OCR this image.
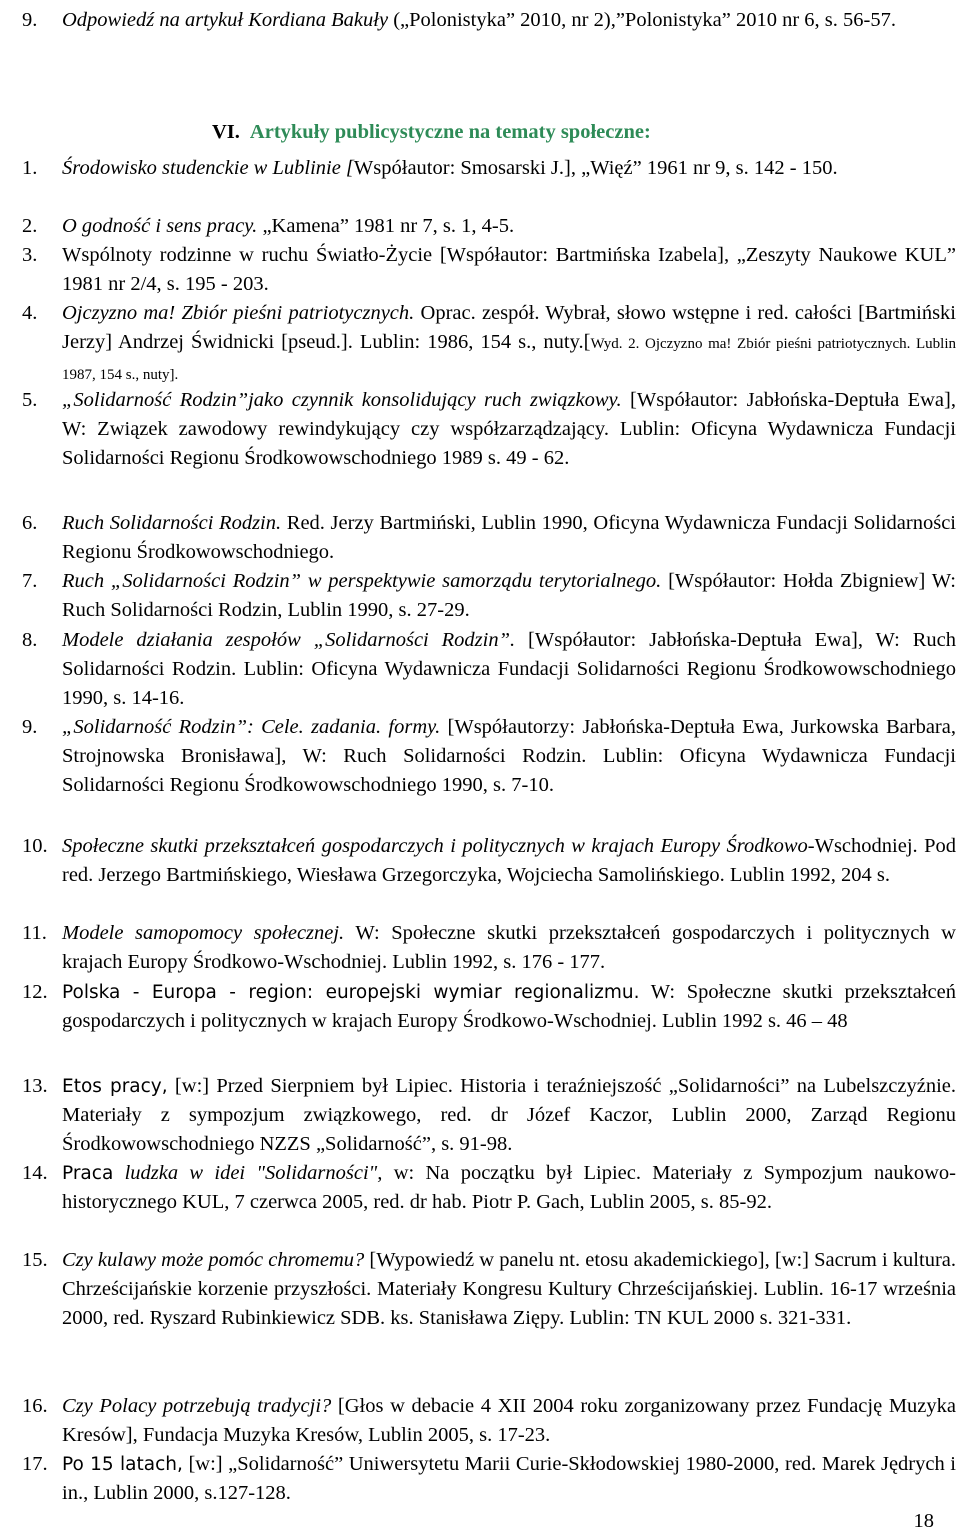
VI. Artykuły publicystyczne na tematy społeczne:
9.	Odpowiedź na artykuł Kordiana Bakuły („Polonistyka” 2010, nr 2),”Polonistyka” 2010 nr 6, s. 56-57.
1.	Środowisko studenckie w Lublinie [Współautor: Smosarski J.], „Więź” 1961 nr 9, s. 142 - 150.
2.	O godność i sens pracy. „Kamena” 1981 nr 7, s. 1, 4-5.
3.	Wspólnoty rodzinne w ruchu Światło-Życie [Współautor: Bartmińska Izabela], „Zeszyty Naukowe KUL” 1981 nr 2/4, s. 195 - 203.
4.	Ojczyzno ma! Zbiór pieśni patriotycznych. Oprac. zespół. Wybrał, słowo wstępne i red. całości [Bartmiński Jerzy] Andrzej Świdnicki [pseud.]. Lublin: 1986, 154 s., nuty.[Wyd. 2. Ojczyzno ma! Zbiór pieśni patriotycznych. Lublin 1987, 154 s., nuty].
5.	„Solidarność Rodzin”jako czynnik konsolidujący ruch związkowy. [Współautor: Jabłońska-Deptuła Ewa], W: Związek zawodowy rewindykujący czy współzarządzający. Lublin: Oficyna Wydawnicza Fundacji Solidarności Regionu Środkowowschodniego 1989 s. 49 - 62.
6.	Ruch Solidarności Rodzin. Red. Jerzy Bartmiński, Lublin 1990, Oficyna Wydawnicza Fundacji Solidarności Regionu Środkowowschodniego.
7.	Ruch „Solidarności Rodzin” w perspektywie samorządu terytorialnego. [Współautor: Hołda Zbigniew] W: Ruch Solidarności Rodzin, Lublin 1990, s. 27-29.
8.	Modele działania zespołów „Solidarności Rodzin”. [Współautor: Jabłońska-Deptuła Ewa], W: Ruch Solidarności Rodzin. Lublin: Oficyna Wydawnicza Fundacji Solidarności Regionu Środkowowschodniego 1990, s. 14-16.
9.	„Solidarność Rodzin”: Cele. zadania. formy. [Współautorzy: Jabłońska-Deptuła Ewa, Jurkowska Barbara, Strojnowska Bronisława], W: Ruch Solidarności Rodzin. Lublin: Oficyna Wydawnicza Fundacji Solidarności Regionu Środkowowschodniego 1990, s. 7-10.
10. Społeczne skutki przekształceń gospodarczych i politycznych w krajach Europy Środkowo-Wschodniej. Pod red. Jerzego Bartmińskiego, Wiesława Grzegorczyka, Wojciecha Samolińskiego. Lublin 1992, 204 s.
11. Modele samopomocy społecznej. W: Społeczne skutki przekształceń gospodarczych i politycznych w krajach Europy Środkowo-Wschodniej. Lublin 1992, s. 176 - 177.
12. Polska - Europa - region: europejski wymiar regionalizmu. W: Społeczne skutki przekształceń gospodarczych i politycznych w krajach Europy Środkowo-Wschodniej. Lublin 1992 s. 46 – 48
13. Etos pracy, [w:] Przed Sierpniem był Lipiec. Historia i teraźniejszość „Solidarności” na Lubelszczyźnie. Materiały z sympozjum związkowego, red. dr Józef Kaczor, Lublin 2000, Zarząd Regionu Środkowowschodniego NZZS „Solidarność”, s. 91-98.
14. Praca ludzka w idei "Solidarności", w: Na początku był Lipiec. Materiały z Sympozjum naukowo-historycznego KUL, 7 czerwca 2005, red. dr hab. Piotr P. Gach, Lublin 2005, s. 85-92.
15. Czy kulawy może pomóc chromemu? [Wypowiedź w panelu nt. etosu akademickiego], [w:] Sacrum i kultura. Chrześcijańskie korzenie przyszłości. Materiały Kongresu Kultury Chrześcijańskiej. Lublin. 16-17 września 2000, red. Ryszard Rubinkiewicz SDB. ks. Stanisława Ziępy. Lublin: TN KUL 2000 s. 321-331.
16. Czy Polacy potrzebują tradycji? [Głos w debacie 4 XII 2004 roku zorganizowany przez Fundację Muzyka Kresów], Fundacja Muzyka Kresów, Lublin 2005, s. 17-23.
17. Po 15 latach, [w:] „Solidarność” Uniwersytetu Marii Curie-Skłodowskiej 1980-2000, red. Marek Jędrych i in., Lublin 2000, s.127-128.
18
